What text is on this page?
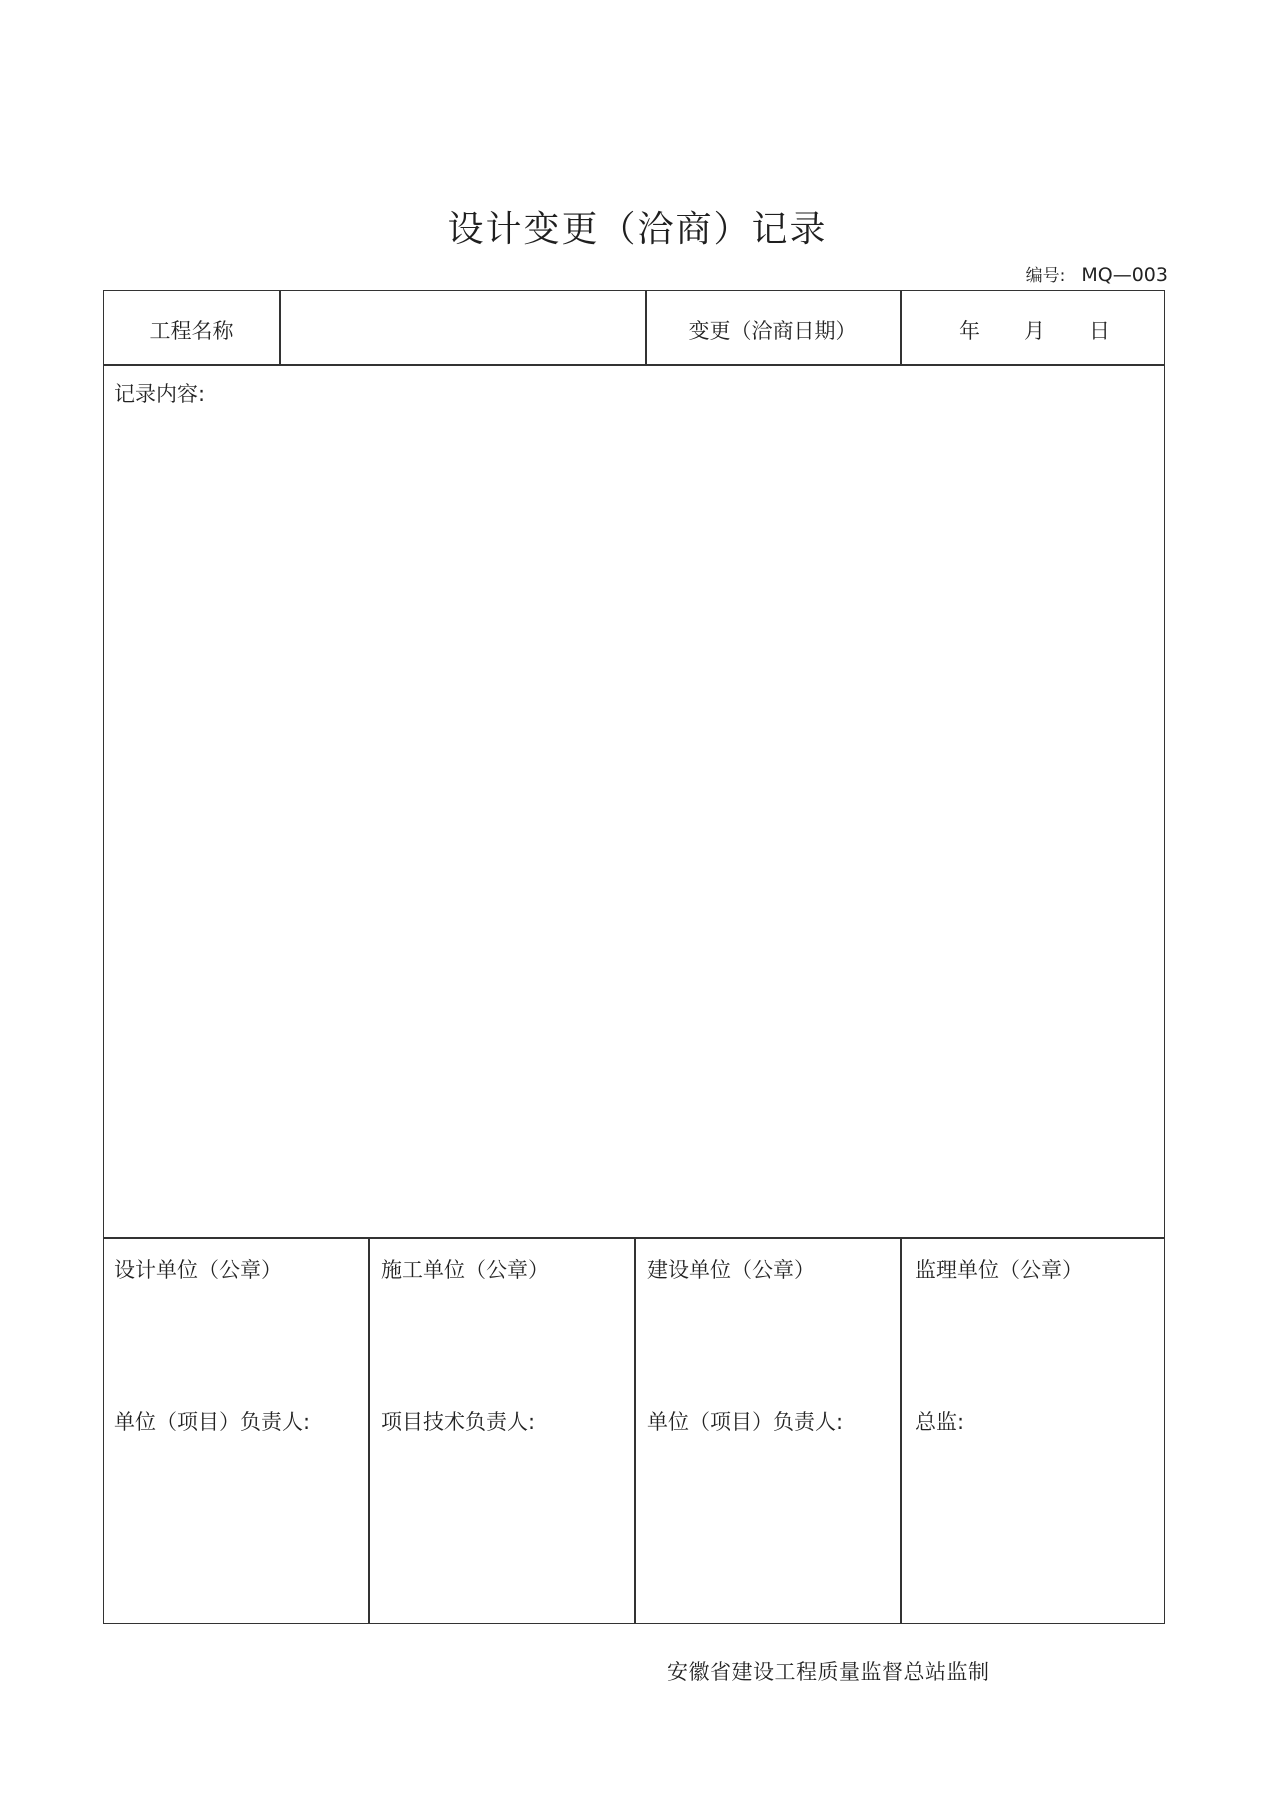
设计变更（洽商）记录
编号: MQ—003
工程名称	变更（洽商日期）	年 月 日
记录内容:
设计单位（公章）
单位（项目）负责人:
施工单位（公章）
项目技术负责人:
建设单位（公章）
单位（项目）负责人:
监理单位（公章）
总监:
安徽省建设工程质量监督总站监制
